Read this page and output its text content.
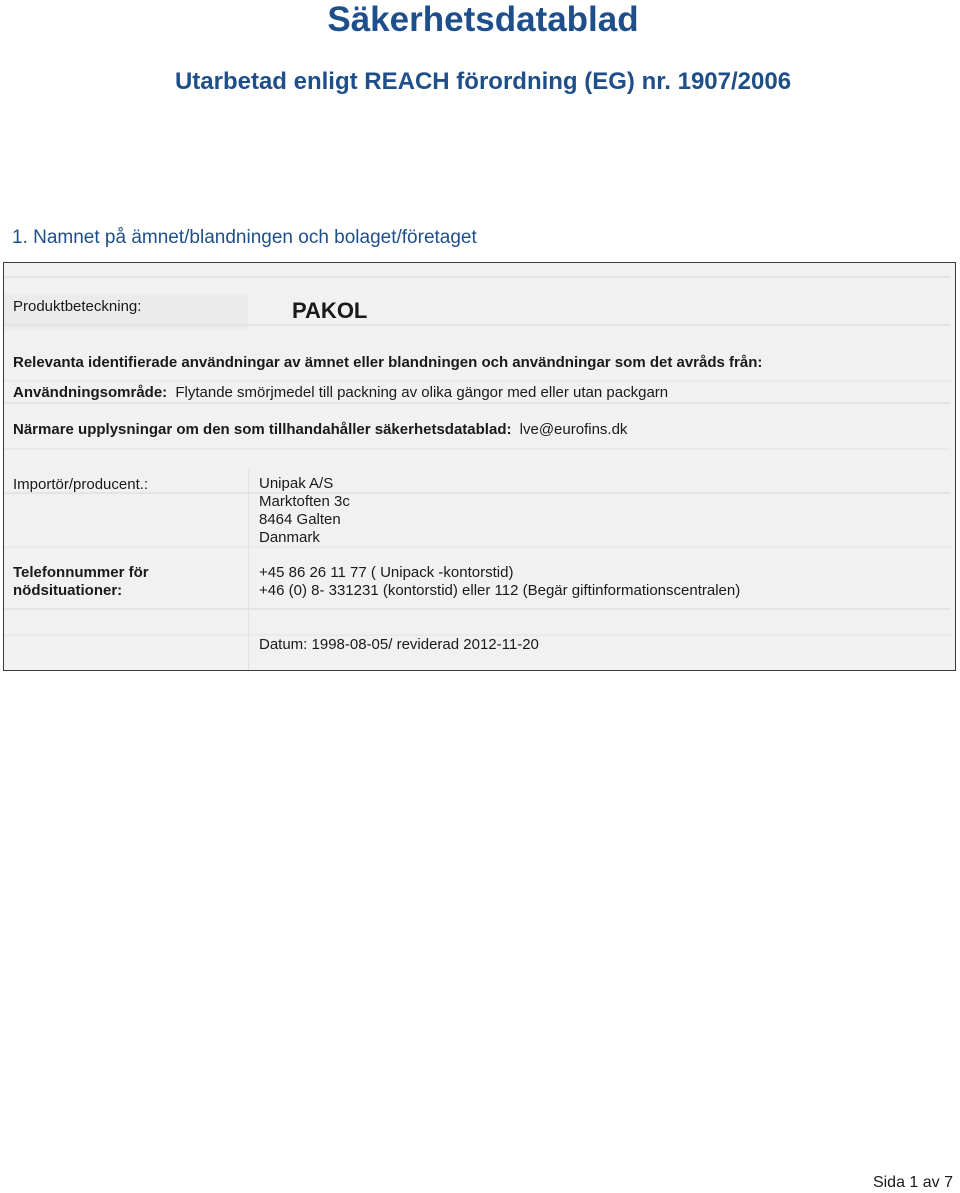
Säkerhetsdatablad
Utarbetad enligt REACH förordning (EG) nr. 1907/2006
1. Namnet på ämnet/blandningen och bolaget/företaget
Produktbeteckning:	PAKOL
Relevanta identifierade användningar av ämnet eller blandningen och användningar som det avråds från:
Användningsområde: Flytande smörjmedel till packning av olika gängor med eller utan packgarn
Närmare upplysningar om den som tillhandahåller säkerhetsdatablad: lve@eurofins.dk
Importör/producent.:	Unipak A/S
Marktoften 3c
8464 Galten
Danmark
Telefonnummer för
nödsituationer:
+45 86 26 11 77 ( Unipack -kontorstid)
+46 (0) 8- 331231 (kontorstid) eller 112 (Begär giftinformationscentralen)
Datum: 1998-08-05/ reviderad 2012-11-20
Sida 1 av 7
